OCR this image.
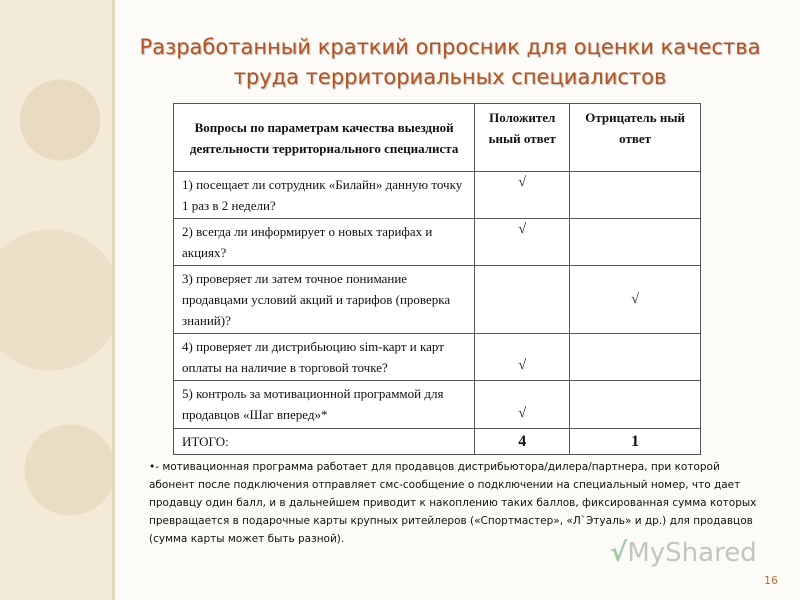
Разработанный краткий опросник для оценки качества
труда территориальных специалистов
Вопросы по параметрам качества выездной деятельности территориального специалиста	Положител ьный ответ	Отрицатель ный ответ
1) посещает ли сотрудник «Билайн» данную точку 1 раз в 2 недели?	√	
2) всегда ли информирует о новых тарифах и акциях?	√	
3) проверяет ли затем точное понимание продавцами условий акций и тарифов (проверка знаний)?		√
4) проверяет ли дистрибьюцию sim-карт и карт оплаты на наличие в торговой точке?	√	
5) контроль за мотивационной программой для продавцов «Шаг вперед»*	√	
ИТОГО:	4	1
•- мотивационная программа работает для продавцов дистрибьютора/дилера/партнера, при которой абонент после подключения отправляет смс-сообщение о подключении на специальный номер, что дает продавцу один балл, и в дальнейшем приводит к накоплению таких баллов, фиксированная сумма которых превращается в подарочные карты крупных ритейлеров («Спортмастер», «Л`Этуаль» и др.) для продавцов (сумма карты может быть разной).	√MyShared
16
